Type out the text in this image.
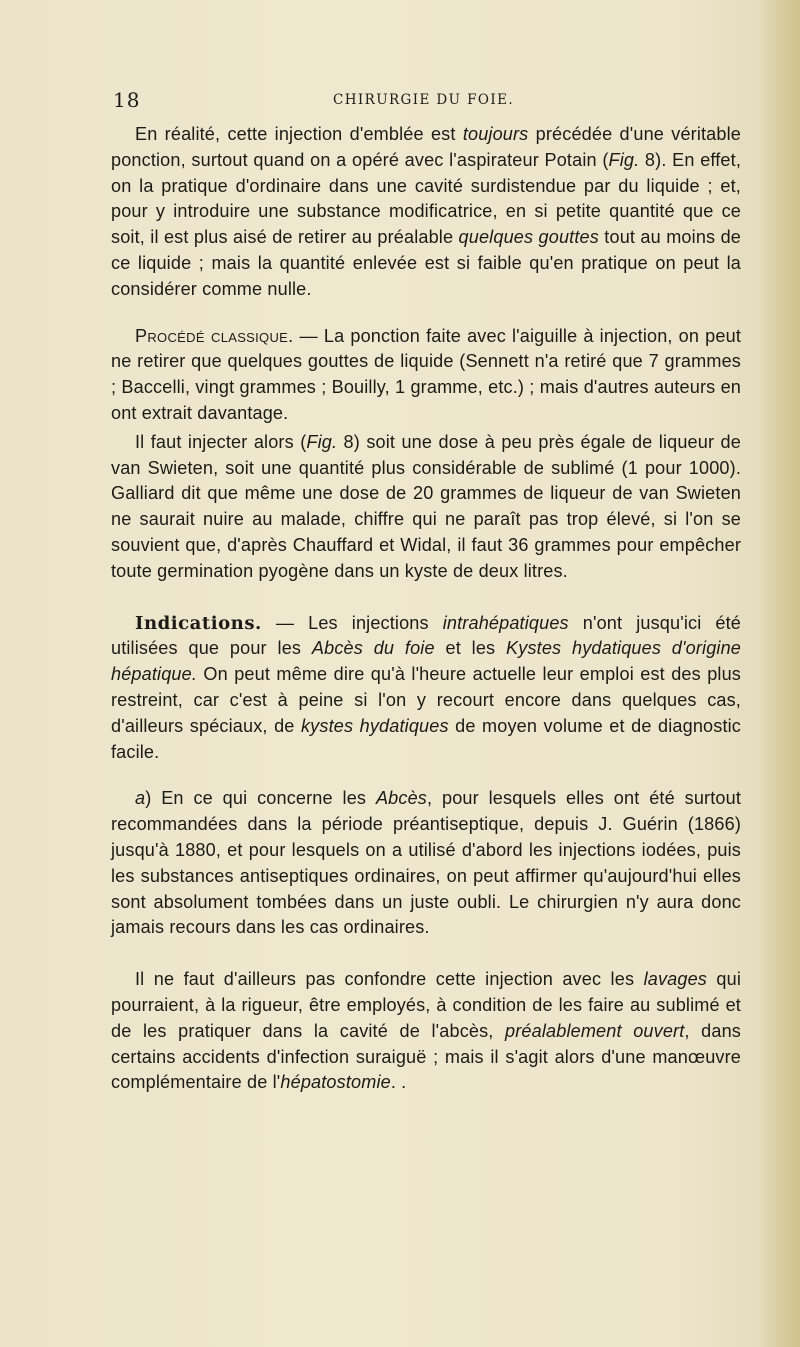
18	CHIRURGIE DU FOIE.

En réalité, cette injection d'emblée est toujours précédée d'une véritable ponction, surtout quand on a opéré avec l'aspirateur Potain (Fig. 8). En effet, on la pratique d'ordinaire dans une cavité surdistendue par du liquide ; et, pour y introduire une substance modificatrice, en si petite quantité que ce soit, il est plus aisé de retirer au préalable quelques gouttes tout au moins de ce liquide ; mais la quantité enlevée est si faible qu'en pratique on peut la considérer comme nulle.

Procédé classique. — La ponction faite avec l'aiguille à injection, on peut ne retirer que quelques gouttes de liquide (Sennett n'a retiré que 7 grammes ; Baccelli, vingt grammes ; Bouilly, 1 gramme, etc.) ; mais d'autres auteurs en ont extrait davantage.

Il faut injecter alors (Fig. 8) soit une dose à peu près égale de liqueur de van Swieten, soit une quantité plus considérable de sublimé (1 pour 1000). Galliard dit que même une dose de 20 grammes de liqueur de van Swieten ne saurait nuire au malade, chiffre qui ne paraît pas trop élevé, si l'on se souvient que, d'après Chauffard et Widal, il faut 36 grammes pour empêcher toute germination pyogène dans un kyste de deux litres.

Indications. — Les injections intrahépatiques n'ont jusqu'ici été utilisées que pour les Abcès du foie et les Kystes hydatiques d'origine hépatique. On peut même dire qu'à l'heure actuelle leur emploi est des plus restreint, car c'est à peine si l'on y recourt encore dans quelques cas, d'ailleurs spéciaux, de kystes hydatiques de moyen volume et de diagnostic facile.

a) En ce qui concerne les Abcès, pour lesquels elles ont été surtout recommandées dans la période préantiseptique, depuis J. Guérin (1866) jusqu'à 1880, et pour lesquels on a utilisé d'abord les injections iodées, puis les substances antiseptiques ordinaires, on peut affirmer qu'aujourd'hui elles sont absolument tombées dans un juste oubli. Le chirurgien n'y aura donc jamais recours dans les cas ordinaires.

Il ne faut d'ailleurs pas confondre cette injection avec les lavages qui pourraient, à la rigueur, être employés, à condition de les faire au sublimé et de les pratiquer dans la cavité de l'abcès, préalablement ouvert, dans certains accidents d'infection suraiguë ; mais il s'agit alors d'une manœuvre complémentaire de l'hépatostomie. .
